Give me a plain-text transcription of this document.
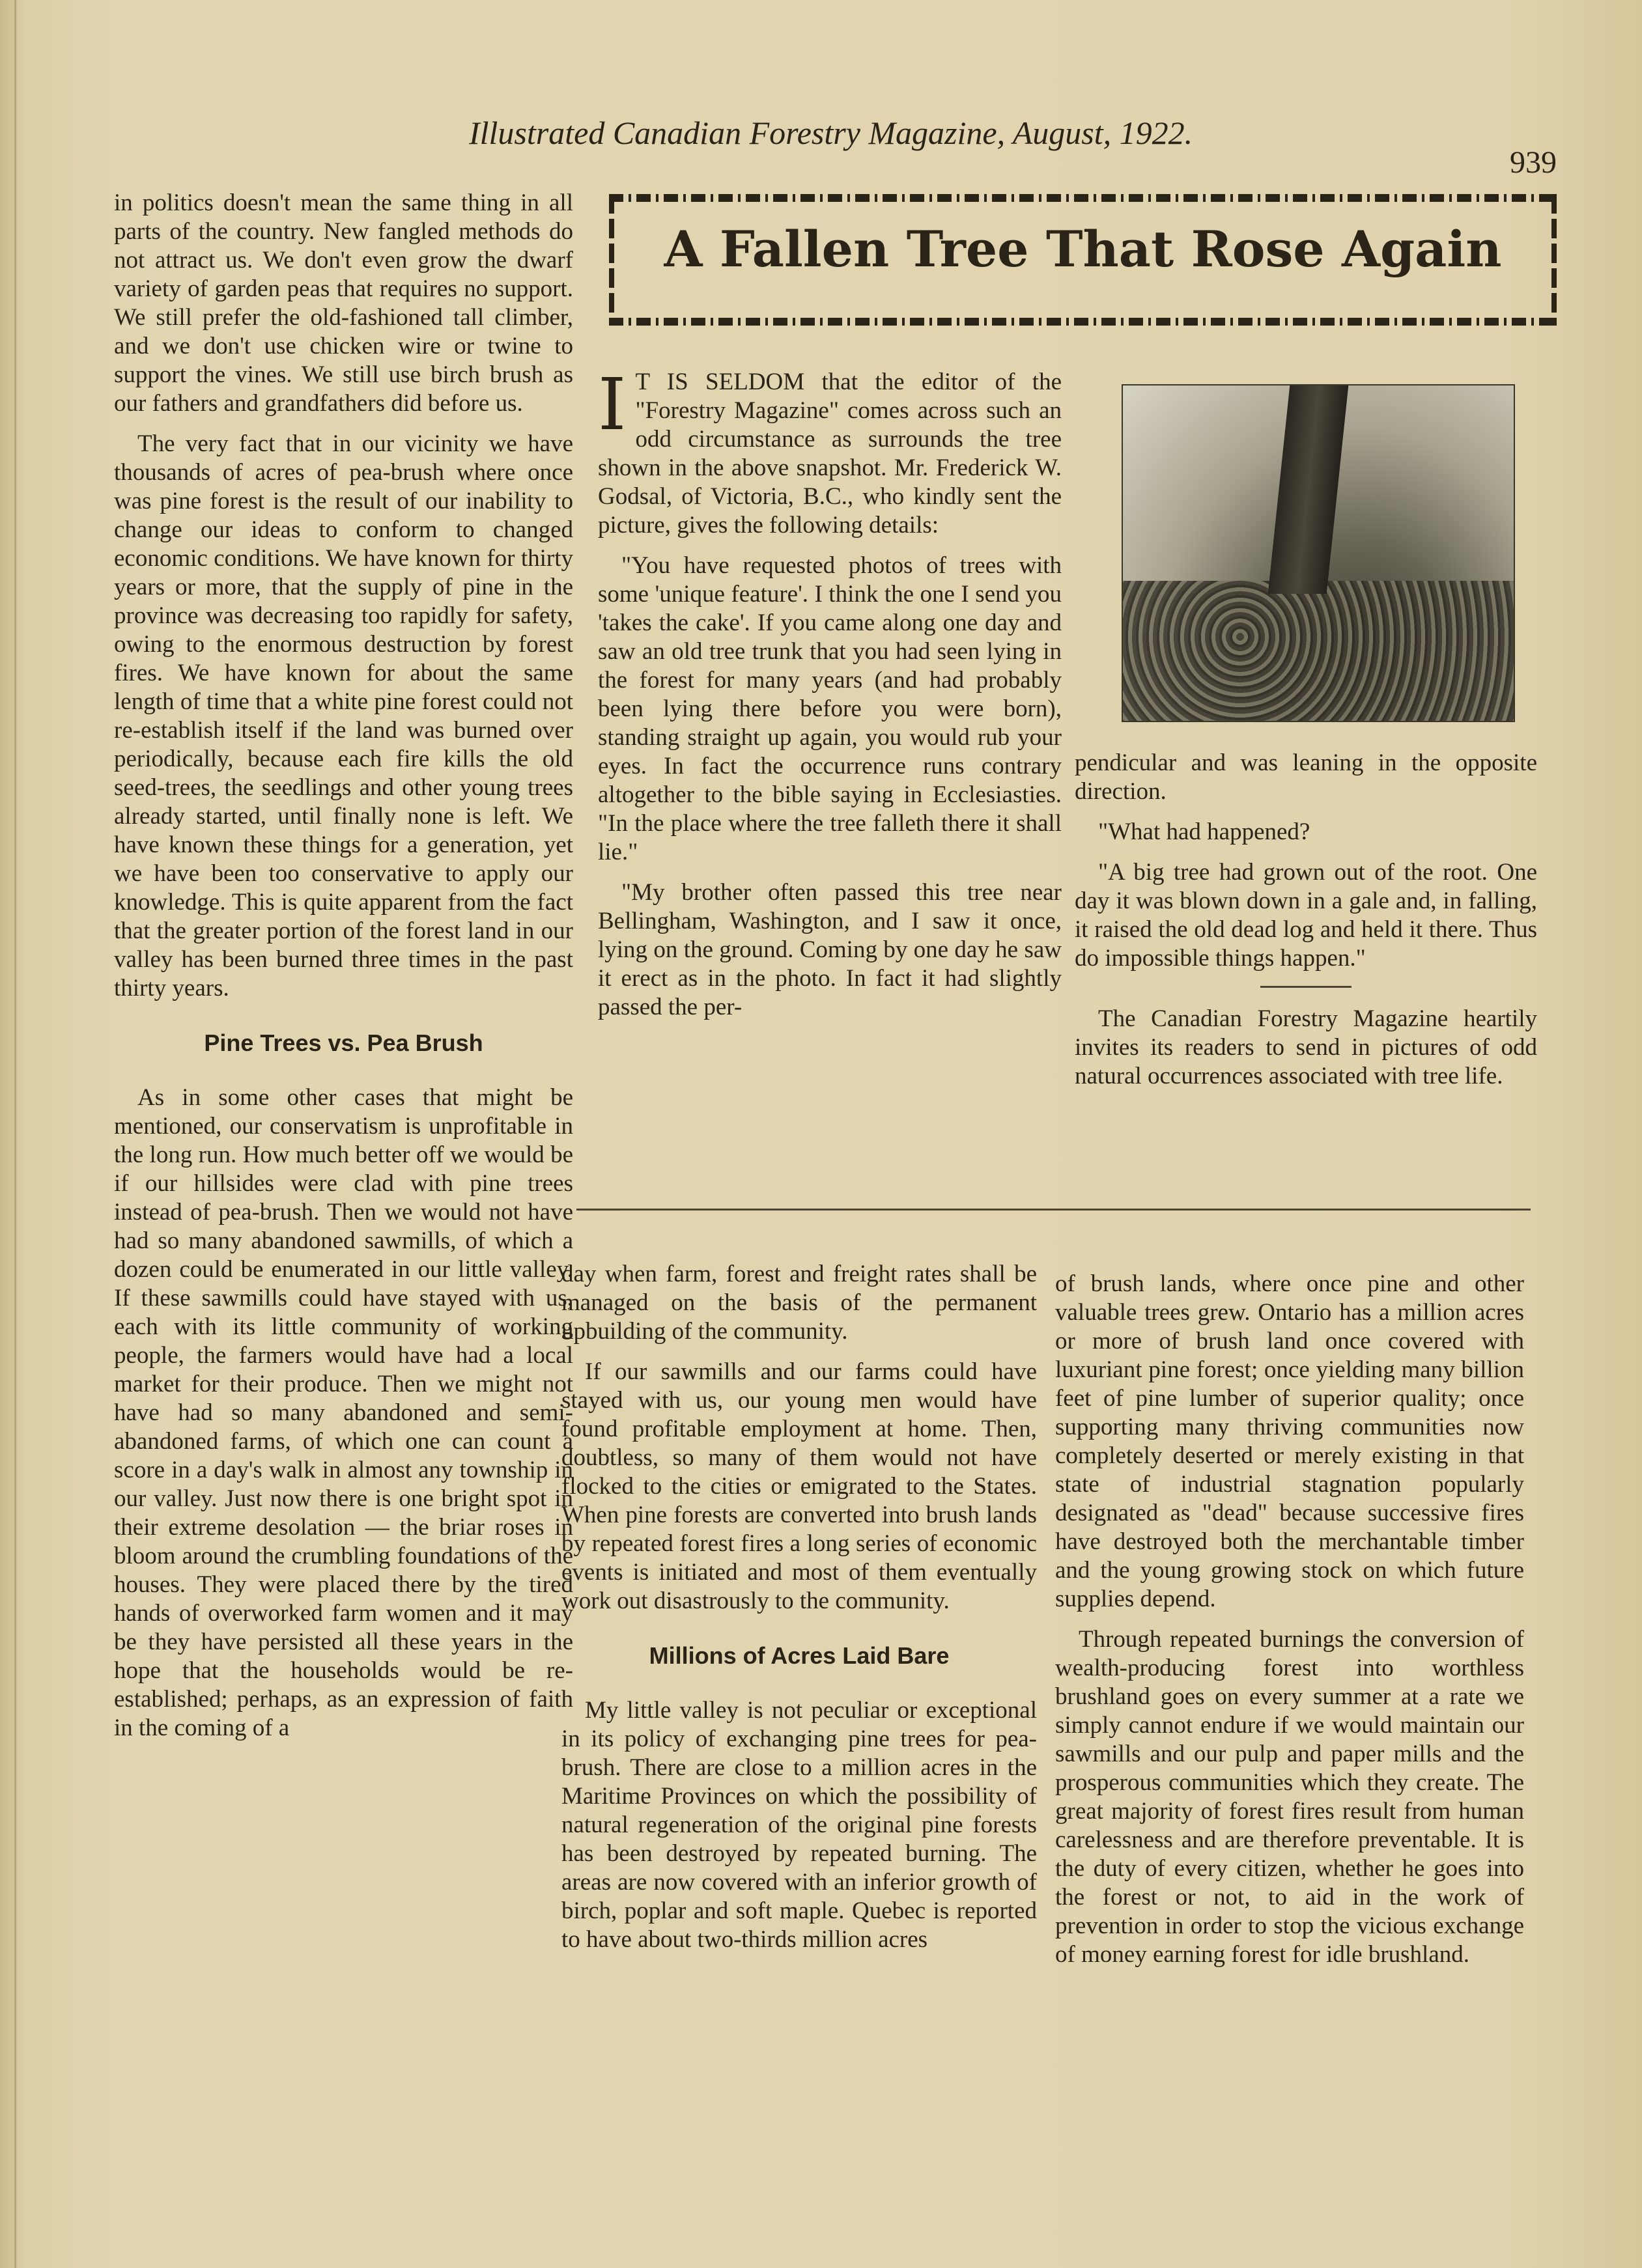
Illustrated Canadian Forestry Magazine, August, 1922.
939

in politics doesn't mean the same thing in all parts of the country. New fangled methods do not attract us. We don't even grow the dwarf variety of garden peas that requires no support. We still prefer the old-fashioned tall climber, and we don't use chicken wire or twine to support the vines. We still use birch brush as our fathers and grandfathers did before us.

The very fact that in our vicinity we have thousands of acres of pea-brush where once was pine forest is the result of our inability to change our ideas to conform to changed economic conditions. We have known for thirty years or more, that the supply of pine in the province was decreasing too rapidly for safety, owing to the enormous destruction by forest fires. We have known for about the same length of time that a white pine forest could not re-establish itself if the land was burned over periodically, because each fire kills the old seed-trees, the seedlings and other young trees already started, until finally none is left. We have known these things for a generation, yet we have been too conservative to apply our knowledge. This is quite apparent from the fact that the greater portion of the forest land in our valley has been burned three times in the past thirty years.

Pine Trees vs. Pea Brush

As in some other cases that might be mentioned, our conservatism is unprofitable in the long run. How much better off we would be if our hillsides were clad with pine trees instead of pea-brush. Then we would not have had so many abandoned sawmills, of which a dozen could be enumerated in our little valley. If these sawmills could have stayed with us, each with its little community of working people, the farmers would have had a local market for their produce. Then we might not have had so many abandoned and semi-abandoned farms, of which one can count a score in a day's walk in almost any township in our valley. Just now there is one bright spot in their extreme desolation — the briar roses in bloom around the crumbling foundations of the houses. They were placed there by the tired hands of overworked farm women and it may be they have persisted all these years in the hope that the households would be re-established; perhaps, as an expression of faith in the coming of a

A Fallen Tree That Rose Again

I T IS SELDOM that the editor of the "Forestry Magazine" comes across such an odd circumstance as surrounds the tree shown in the above snapshot. Mr. Frederick W. Godsal, of Victoria, B.C., who kindly sent the picture, gives the following details:

"You have requested photos of trees with some 'unique feature'. I think the one I send you 'takes the cake'. If you came along one day and saw an old tree trunk that you had seen lying in the forest for many years (and had probably been lying there before you were born), standing straight up again, you would rub your eyes. In fact the occurrence runs contrary altogether to the bible saying in Ecclesiasties. "In the place where the tree falleth there it shall lie."

"My brother often passed this tree near Bellingham, Washington, and I saw it once, lying on the ground. Coming by one day he saw it erect as in the photo. In fact it had slightly passed the per-

pendicular and was leaning in the opposite direction.

"What had happened?

"A big tree had grown out of the root. One day it was blown down in a gale and, in falling, it raised the old dead log and held it there. Thus do impossible things happen."

The Canadian Forestry Magazine heartily invites its readers to send in pictures of odd natural occurrences associated with tree life.

day when farm, forest and freight rates shall be managed on the basis of the permanent upbuilding of the community.

If our sawmills and our farms could have stayed with us, our young men would have found profitable employment at home. Then, doubtless, so many of them would not have flocked to the cities or emigrated to the States. When pine forests are converted into brush lands by repeated forest fires a long series of economic events is initiated and most of them eventually work out disastrously to the community.

Millions of Acres Laid Bare

My little valley is not peculiar or exceptional in its policy of exchanging pine trees for pea-brush. There are close to a million acres in the Maritime Provinces on which the possibility of natural regeneration of the original pine forests has been destroyed by repeated burning. The areas are now covered with an inferior growth of birch, poplar and soft maple. Quebec is reported to have about two-thirds million acres

of brush lands, where once pine and other valuable trees grew. Ontario has a million acres or more of brush land once covered with luxuriant pine forest; once yielding many billion feet of pine lumber of superior quality; once supporting many thriving communities now completely deserted or merely existing in that state of industrial stagnation popularly designated as "dead" because successive fires have destroyed both the merchantable timber and the young growing stock on which future supplies depend.

Through repeated burnings the conversion of wealth-producing forest into worthless brushland goes on every summer at a rate we simply cannot endure if we would maintain our sawmills and our pulp and paper mills and the prosperous communities which they create. The great majority of forest fires result from human carelessness and are therefore preventable. It is the duty of every citizen, whether he goes into the forest or not, to aid in the work of prevention in order to stop the vicious exchange of money earning forest for idle brushland.
